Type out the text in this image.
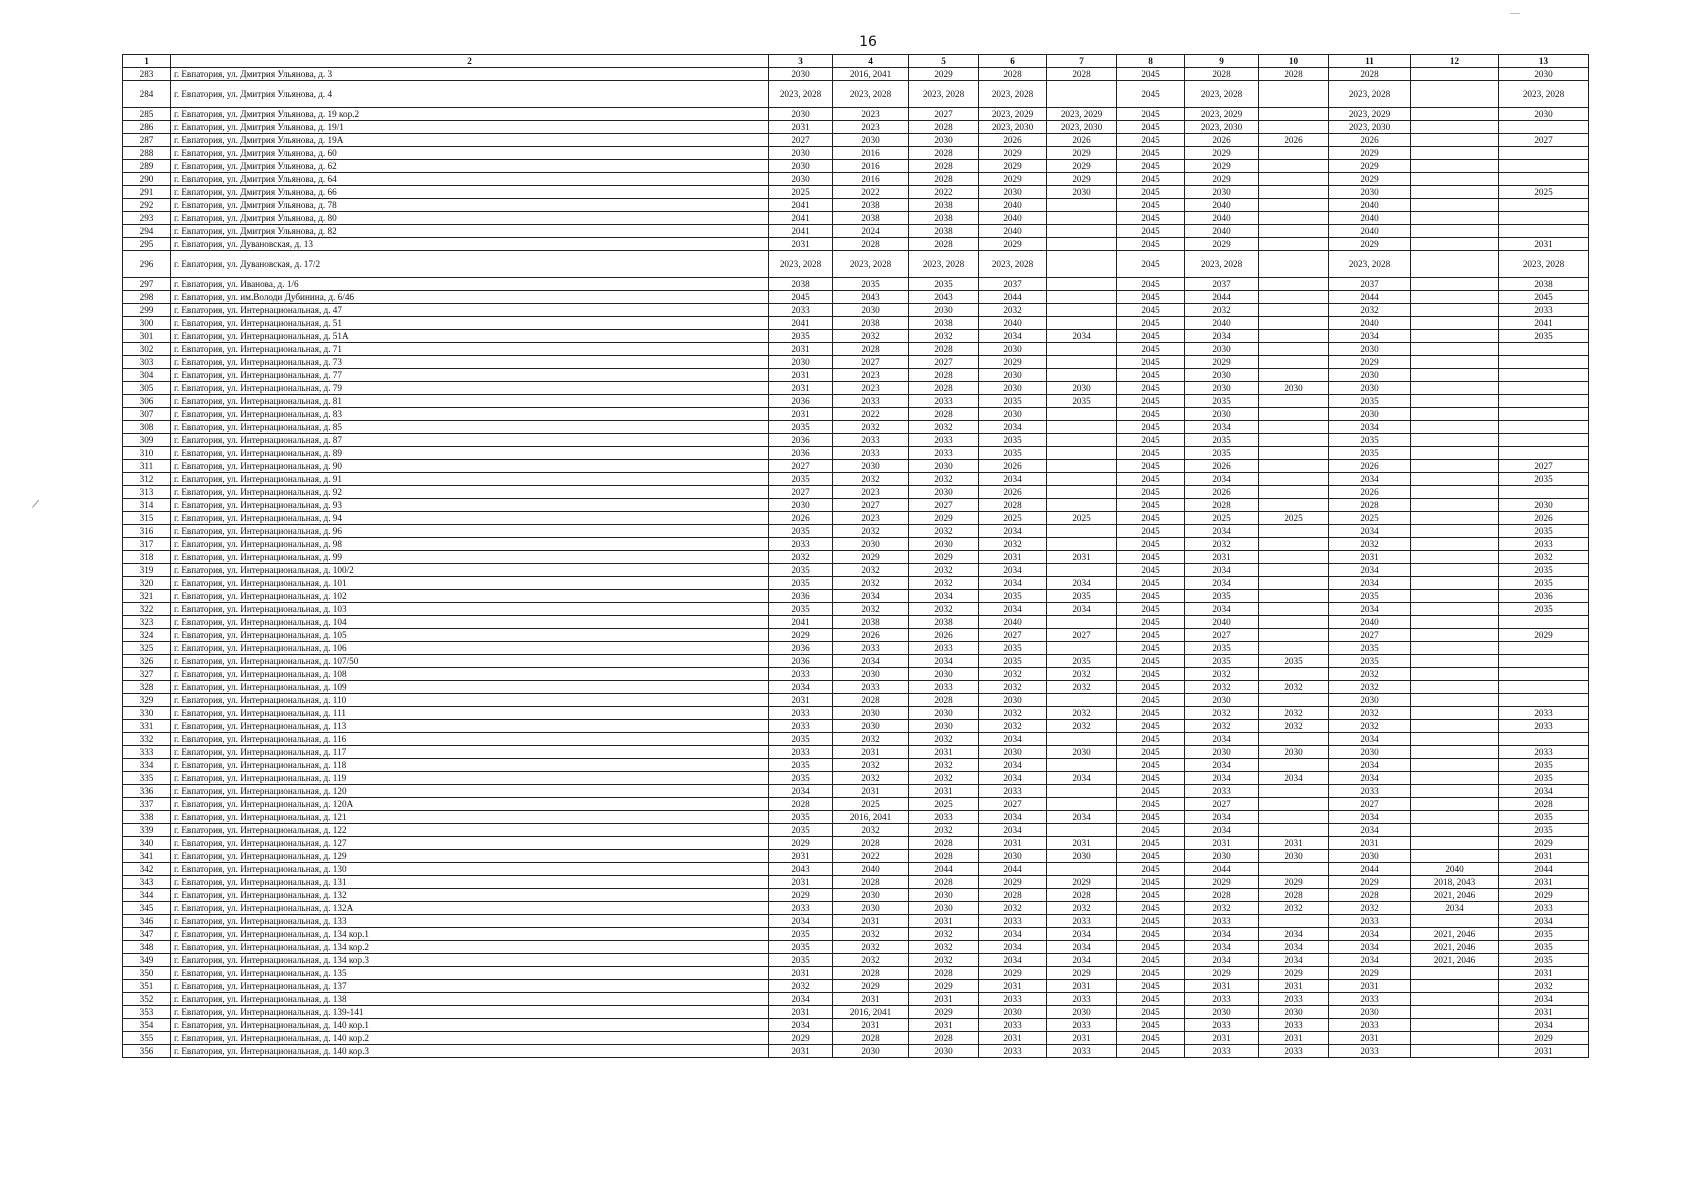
16
1	2	3	4	5	6	7	8	9	10	11	12	13
283	г. Евпатория, ул. Дмитрия Ульянова, д. 3	2030	2016, 2041	2029	2028	2028	2045	2028	2028	2028		2030
284	г. Евпатория, ул. Дмитрия Ульянова, д. 4	2023, 2028	2023, 2028	2023, 2028	2023, 2028		2045	2023, 2028		2023, 2028		2023, 2028
285	г. Евпатория, ул. Дмитрия Ульянова, д. 19 кор.2	2030	2023	2027	2023, 2029	2023, 2029	2045	2023, 2029		2023, 2029		2030
286	г. Евпатория, ул. Дмитрия Ульянова, д. 19/1	2031	2023	2028	2023, 2030	2023, 2030	2045	2023, 2030		2023, 2030		
287	г. Евпатория, ул. Дмитрия Ульянова, д. 19А	2027	2030	2030	2026	2026	2045	2026	2026	2026		2027
288	г. Евпатория, ул. Дмитрия Ульянова, д. 60	2030	2016	2028	2029	2029	2045	2029		2029		
289	г. Евпатория, ул. Дмитрия Ульянова, д. 62	2030	2016	2028	2029	2029	2045	2029		2029		
290	г. Евпатория, ул. Дмитрия Ульянова, д. 64	2030	2016	2028	2029	2029	2045	2029		2029		
291	г. Евпатория, ул. Дмитрия Ульянова, д. 66	2025	2022	2022	2030	2030	2045	2030		2030		2025
292	г. Евпатория, ул. Дмитрия Ульянова, д. 78	2041	2038	2038	2040		2045	2040		2040		
293	г. Евпатория, ул. Дмитрия Ульянова, д. 80	2041	2038	2038	2040		2045	2040		2040		
294	г. Евпатория, ул. Дмитрия Ульянова, д. 82	2041	2024	2038	2040		2045	2040		2040		
295	г. Евпатория, ул. Дувановская, д. 13	2031	2028	2028	2029		2045	2029		2029		2031
296	г. Евпатория, ул. Дувановская, д. 17/2	2023, 2028	2023, 2028	2023, 2028	2023, 2028		2045	2023, 2028		2023, 2028		2023, 2028
297	г. Евпатория, ул. Иванова, д. 1/6	2038	2035	2035	2037		2045	2037		2037		2038
298	г. Евпатория, ул. им.Володи Дубинина, д. 6/46	2045	2043	2043	2044		2045	2044		2044		2045
299	г. Евпатория, ул. Интернациональная, д. 47	2033	2030	2030	2032		2045	2032		2032		2033
300	г. Евпатория, ул. Интернациональная, д. 51	2041	2038	2038	2040		2045	2040		2040		2041
301	г. Евпатория, ул. Интернациональная, д. 51А	2035	2032	2032	2034	2034	2045	2034		2034		2035
302	г. Евпатория, ул. Интернациональная, д. 71	2031	2028	2028	2030		2045	2030		2030		
303	г. Евпатория, ул. Интернациональная, д. 73	2030	2027	2027	2029		2045	2029		2029		
304	г. Евпатория, ул. Интернациональная, д. 77	2031	2023	2028	2030		2045	2030		2030		
305	г. Евпатория, ул. Интернациональная, д. 79	2031	2023	2028	2030	2030	2045	2030	2030	2030		
306	г. Евпатория, ул. Интернациональная, д. 81	2036	2033	2033	2035	2035	2045	2035		2035		
307	г. Евпатория, ул. Интернациональная, д. 83	2031	2022	2028	2030		2045	2030		2030		
308	г. Евпатория, ул. Интернациональная, д. 85	2035	2032	2032	2034		2045	2034		2034		
309	г. Евпатория, ул. Интернациональная, д. 87	2036	2033	2033	2035		2045	2035		2035		
310	г. Евпатория, ул. Интернациональная, д. 89	2036	2033	2033	2035		2045	2035		2035		
311	г. Евпатория, ул. Интернациональная, д. 90	2027	2030	2030	2026		2045	2026		2026		2027
312	г. Евпатория, ул. Интернациональная, д. 91	2035	2032	2032	2034		2045	2034		2034		2035
313	г. Евпатория, ул. Интернациональная, д. 92	2027	2023	2030	2026		2045	2026		2026		
314	г. Евпатория, ул. Интернациональная, д. 93	2030	2027	2027	2028		2045	2028		2028		2030
315	г. Евпатория, ул. Интернациональная, д. 94	2026	2023	2029	2025	2025	2045	2025	2025	2025		2026
316	г. Евпатория, ул. Интернациональная, д. 96	2035	2032	2032	2034		2045	2034		2034		2035
317	г. Евпатория, ул. Интернациональная, д. 98	2033	2030	2030	2032		2045	2032		2032		2033
318	г. Евпатория, ул. Интернациональная, д. 99	2032	2029	2029	2031	2031	2045	2031		2031		2032
319	г. Евпатория, ул. Интернациональная, д. 100/2	2035	2032	2032	2034		2045	2034		2034		2035
320	г. Евпатория, ул. Интернациональная, д. 101	2035	2032	2032	2034	2034	2045	2034		2034		2035
321	г. Евпатория, ул. Интернациональная, д. 102	2036	2034	2034	2035	2035	2045	2035		2035		2036
322	г. Евпатория, ул. Интернациональная, д. 103	2035	2032	2032	2034	2034	2045	2034		2034		2035
323	г. Евпатория, ул. Интернациональная, д. 104	2041	2038	2038	2040		2045	2040		2040		
324	г. Евпатория, ул. Интернациональная, д. 105	2029	2026	2026	2027	2027	2045	2027		2027		2029
325	г. Евпатория, ул. Интернациональная, д. 106	2036	2033	2033	2035		2045	2035		2035		
326	г. Евпатория, ул. Интернациональная, д. 107/50	2036	2034	2034	2035	2035	2045	2035	2035	2035		
327	г. Евпатория, ул. Интернациональная, д. 108	2033	2030	2030	2032	2032	2045	2032		2032		
328	г. Евпатория, ул. Интернациональная, д. 109	2034	2033	2033	2032	2032	2045	2032	2032	2032		
329	г. Евпатория, ул. Интернациональная, д. 110	2031	2028	2028	2030		2045	2030		2030		
330	г. Евпатория, ул. Интернациональная, д. 111	2033	2030	2030	2032	2032	2045	2032	2032	2032		2033
331	г. Евпатория, ул. Интернациональная, д. 113	2033	2030	2030	2032	2032	2045	2032	2032	2032		2033
332	г. Евпатория, ул. Интернациональная, д. 116	2035	2032	2032	2034		2045	2034		2034		
333	г. Евпатория, ул. Интернациональная, д. 117	2033	2031	2031	2030	2030	2045	2030	2030	2030		2033
334	г. Евпатория, ул. Интернациональная, д. 118	2035	2032	2032	2034		2045	2034		2034		2035
335	г. Евпатория, ул. Интернациональная, д. 119	2035	2032	2032	2034	2034	2045	2034	2034	2034		2035
336	г. Евпатория, ул. Интернациональная, д. 120	2034	2031	2031	2033		2045	2033		2033		2034
337	г. Евпатория, ул. Интернациональная, д. 120А	2028	2025	2025	2027		2045	2027		2027		2028
338	г. Евпатория, ул. Интернациональная, д. 121	2035	2016, 2041	2033	2034	2034	2045	2034		2034		2035
339	г. Евпатория, ул. Интернациональная, д. 122	2035	2032	2032	2034		2045	2034		2034		2035
340	г. Евпатория, ул. Интернациональная, д. 127	2029	2028	2028	2031	2031	2045	2031	2031	2031		2029
341	г. Евпатория, ул. Интернациональная, д. 129	2031	2022	2028	2030	2030	2045	2030	2030	2030		2031
342	г. Евпатория, ул. Интернациональная, д. 130	2043	2040	2044	2044		2045	2044		2044	2040	2044
343	г. Евпатория, ул. Интернациональная, д. 131	2031	2028	2028	2029	2029	2045	2029	2029	2029	2018, 2043	2031
344	г. Евпатория, ул. Интернациональная, д. 132	2029	2030	2030	2028	2028	2045	2028	2028	2028	2021, 2046	2029
345	г. Евпатория, ул. Интернациональная, д. 132А	2033	2030	2030	2032	2032	2045	2032	2032	2032	2034	2033
346	г. Евпатория, ул. Интернациональная, д. 133	2034	2031	2031	2033	2033	2045	2033		2033		2034
347	г. Евпатория, ул. Интернациональная, д. 134 кор.1	2035	2032	2032	2034	2034	2045	2034	2034	2034	2021, 2046	2035
348	г. Евпатория, ул. Интернациональная, д. 134 кор.2	2035	2032	2032	2034	2034	2045	2034	2034	2034	2021, 2046	2035
349	г. Евпатория, ул. Интернациональная, д. 134 кор.3	2035	2032	2032	2034	2034	2045	2034	2034	2034	2021, 2046	2035
350	г. Евпатория, ул. Интернациональная, д. 135	2031	2028	2028	2029	2029	2045	2029	2029	2029		2031
351	г. Евпатория, ул. Интернациональная, д. 137	2032	2029	2029	2031	2031	2045	2031	2031	2031		2032
352	г. Евпатория, ул. Интернациональная, д. 138	2034	2031	2031	2033	2033	2045	2033	2033	2033		2034
353	г. Евпатория, ул. Интернациональная, д. 139-141	2031	2016, 2041	2029	2030	2030	2045	2030	2030	2030		2031
354	г. Евпатория, ул. Интернациональная, д. 140 кор.1	2034	2031	2031	2033	2033	2045	2033	2033	2033		2034
355	г. Евпатория, ул. Интернациональная, д. 140 кор.2	2029	2028	2028	2031	2031	2045	2031	2031	2031		2029
356	г. Евпатория, ул. Интернациональная, д. 140 кор.3	2031	2030	2030	2033	2033	2045	2033	2033	2033		2031
